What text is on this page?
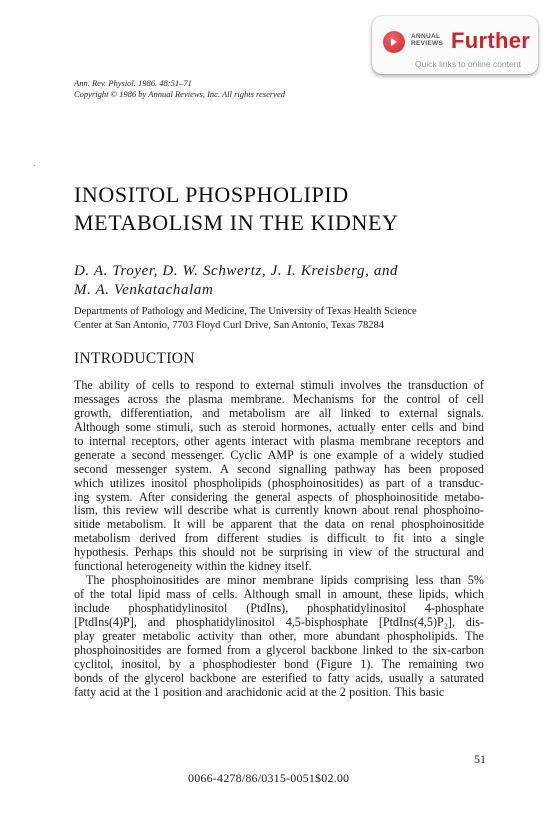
ANNUAL
REVIEWS Further
Quick links to online content
Ann. Rev. Physiol. 1986. 48:51–71
Copyright © 1986 by Annual Reviews, Inc. All rights reserved
INOSITOL PHOSPHOLIPID
METABOLISM IN THE KIDNEY
D. A. Troyer, D. W. Schwertz, J. I. Kreisberg, and
M. A. Venkatachalam
Departments of Pathology and Medicine, The University of Texas Health Science
Center at San Antonio, 7703 Floyd Curl Drive, San Antonio, Texas 78284
INTRODUCTION
The ability of cells to respond to external stimuli involves the transduction of
messages across the plasma membrane. Mechanisms for the control of cell
growth, differentiation, and metabolism are all linked to external signals.
Although some stimuli, such as steroid hormones, actually enter cells and bind
to internal receptors, other agents interact with plasma membrane receptors and
generate a second messenger. Cyclic AMP is one example of a widely studied
second messenger system. A second signalling pathway has been proposed
which utilizes inositol phospholipids (phosphoinositides) as part of a transduc-
ing system. After considering the general aspects of phosphoinositide metabo-
lism, this review will describe what is currently known about renal phosphoino-
sitide metabolism. It will be apparent that the data on renal phosphoinositide
metabolism derived from different studies is difficult to fit into a single
hypothesis. Perhaps this should not be surprising in view of the structural and
functional heterogeneity within the kidney itself.
The phosphoinositides are minor membrane lipids comprising less than 5%
of the total lipid mass of cells. Although small in amount, these lipids, which
include phosphatidylinositol (PtdIns), phosphatidylinositol 4-phosphate
[PtdIns(4)P], and phosphatidylinositol 4,5-bisphosphate [PtdIns(4,5)P₂], dis-
play greater metabolic activity than other, more abundant phospholipids. The
phosphoinositides are formed from a glycerol backbone linked to the six-carbon
cyclitol, inositol, by a phosphodiester bond (Figure 1). The remaining two
bonds of the glycerol backbone are esterified to fatty acids, usually a saturated
fatty acid at the 1 position and arachidonic acid at the 2 position. This basic
51
0066-4278/86/0315-0051$02.00
